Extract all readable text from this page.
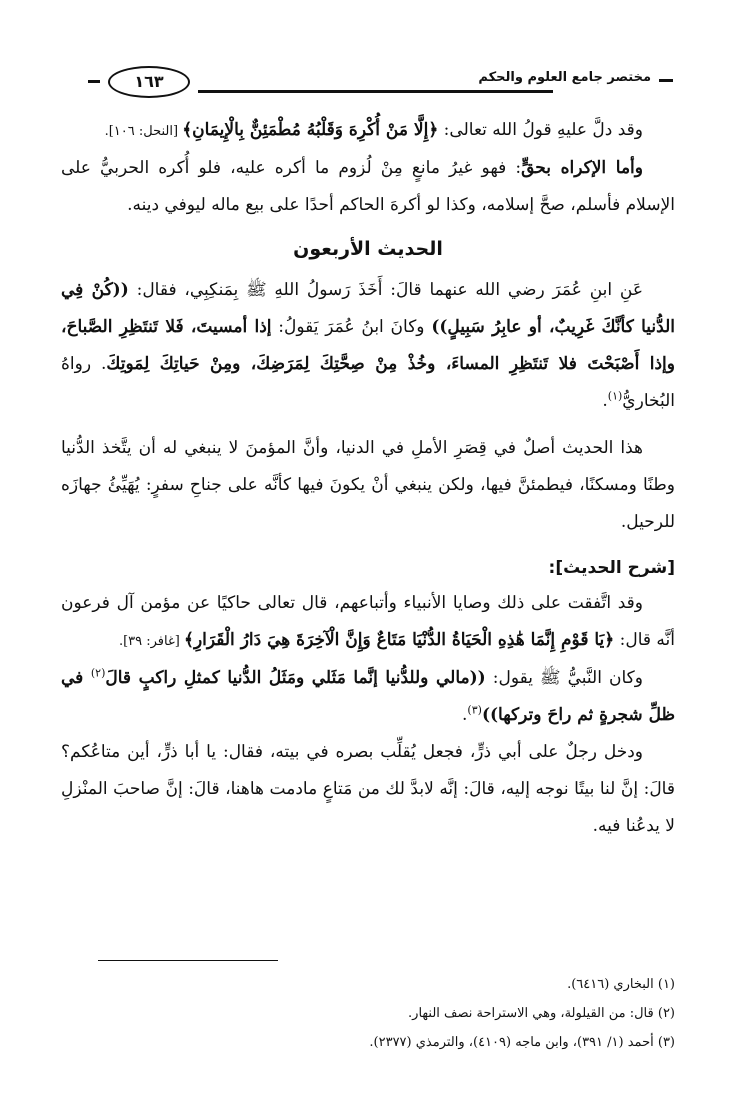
مختصر جامع العلوم والحكم
١٦٣

وقد دلَّ عليهِ قولُ الله تعالى: ﴿إِلَّا مَنْ أُكْرِهَ وَقَلْبُهُ مُطْمَئِنٌّ بِالْإِيمَانِ﴾ [النحل: ١٠٦].

وأما الإكراه بحقٍّ: فهو غيرُ مانعٍ مِنْ لُزوم ما أكره عليه، فلو أُكره الحربيُّ على الإسلام فأسلم، صحَّ إسلامه، وكذا لو أكرهَ الحاكم أحدًا على بيع ماله ليوفي دينه.

الحديث الأربعون

عَنِ ابنِ عُمَرَ رضي الله عنهما قالَ: أَخَذَ رَسولُ اللهِ ﷺ بِمَنكِبِي، فقال: ((كُنْ فِي الدُّنيا كأنَّكَ غَرِيبٌ، أو عابِرُ سَبِيلٍ)) وكانَ ابنُ عُمَرَ يَقولُ: إذا أمسيتَ، فَلا تَنتَظِرِ الصَّباحَ، وإذا أَصْبَحْتَ فلا تَنتَظِرِ المساءَ، وخُذْ مِنْ صِحَّتِكَ لِمَرَضِكَ، ومِنْ حَياتِكَ لِمَوتِكَ. رواهُ البُخاريُّ$^{(١)}$.

هذا الحديث أصلٌ في قِصَرِ الأملِ في الدنيا، وأنَّ المؤمنَ لا ينبغي له أن يتَّخذ الدُّنيا وطنًا ومسكنًا، فيطمئنَّ فيها، ولكن ينبغي أنْ يكونَ فيها كأنَّه على جناحِ سفرٍ: يُهَيِّئُ جهازَه للرحيل.

[شرح الحديث]:

وقد اتَّفقت على ذلك وصايا الأنبياء وأتباعهم، قال تعالى حاكيًا عن مؤمن آل فرعون أنَّه قال: ﴿يَا قَوْمِ إِنَّمَا هَٰذِهِ الْحَيَاةُ الدُّنْيَا مَتَاعٌ وَإِنَّ الْآخِرَةَ هِيَ دَارُ الْقَرَارِ﴾ [غافر: ٣٩].

وكان النَّبيُّ ﷺ يقول: ((مالي وللدُّنيا إنَّما مَثَلي ومَثَلُ الدُّنيا كمثلِ راكبٍ قالَ$^{(٢)}$ في ظلِّ شجرةٍ ثم راحَ وتركها))$^{(٣)}$.

ودخل رجلٌ على أبي ذرٍّ، فجعل يُقلِّب بصره في بيته، فقال: يا أبا ذرٍّ، أين متاعُكم؟ قالَ: إنَّ لنا بيتًا نوجه إليه، قالَ: إنَّه لابدَّ لك من مَتاعٍ مادمت هاهنا، قالَ: إنَّ صاحبَ المنْزلِ لا يدعُنا فيه.

(١) البخاري (٦٤١٦).
(٢) قال: من القيلولة، وهي الاستراحة نصف النهار.
(٣) أحمد (١/ ٣٩١)، وابن ماجه (٤١٠٩)، والترمذي (٢٣٧٧).
